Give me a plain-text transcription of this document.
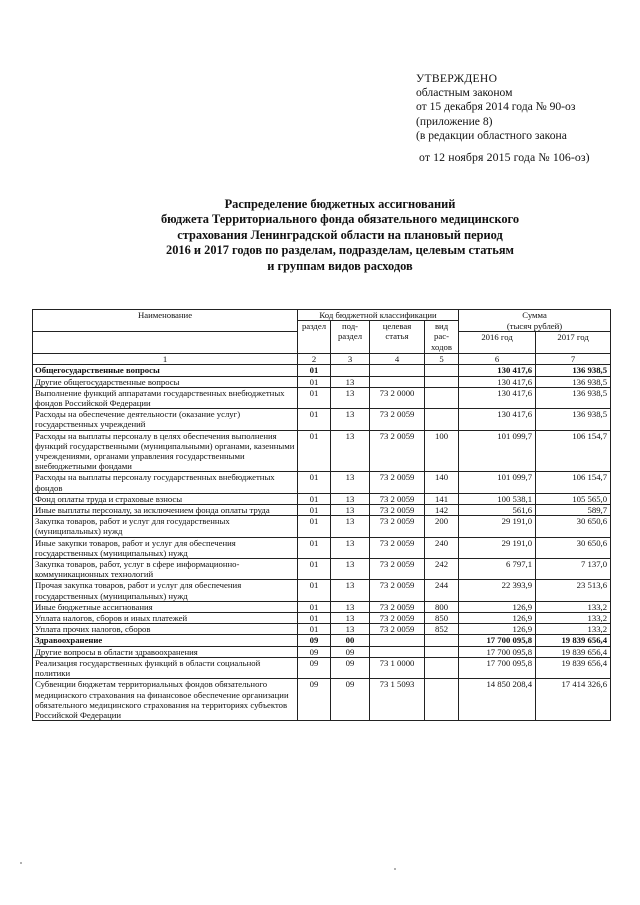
УТВЕРЖДЕНО
областным законом
от 15 декабря 2014 года № 90-оз
(приложение 8)
(в редакции областного закона
от 12 ноября 2015 года № 106-оз)
Распределение бюджетных ассигнований
бюджета Территориального фонда обязательного медицинского
страхования Ленинградской области на плановый период
2016 и 2017 годов по разделам, подразделам, целевым статьям
и группам видов расходов
Наименование	Код бюджетной классификации				Сумма	
	раздел	под-раздел	целевая статья	вид рас-ходов	(тысяч рублей)	
					2016 год	2017 год
1	2	3	4	5	6	7
Общегосударственные вопросы	01				130 417,6	136 938,5
Другие общегосударственные вопросы	01	13			130 417,6	136 938,5
Выполнение функций аппаратами государственных внебюджетных фондов Российской Федерации	01	13	73 2 0000		130 417,6	136 938,5
Расходы на обеспечение деятельности (оказание услуг) государственных учреждений	01	13	73 2 0059		130 417,6	136 938,5
Расходы на выплаты персоналу в целях обеспечения выполнения функций государственными (муниципальными) органами, казенными учреждениями, органами управления государственными внебюджетными фондами	01	13	73 2 0059	100	101 099,7	106 154,7
Расходы на выплаты персоналу государственных внебюджетных фондов	01	13	73 2 0059	140	101 099,7	106 154,7
Фонд оплаты труда и страховые взносы	01	13	73 2 0059	141	100 538,1	105 565,0
Иные выплаты персоналу, за исключением фонда оплаты труда	01	13	73 2 0059	142	561,6	589,7
Закупка товаров, работ и услуг для государственных (муниципальных) нужд	01	13	73 2 0059	200	29 191,0	30 650,6
Иные закупки товаров, работ и услуг для обеспечения государственных (муниципальных) нужд	01	13	73 2 0059	240	29 191,0	30 650,6
Закупка товаров, работ, услуг в сфере информационно-коммуникационных технологий	01	13	73 2 0059	242	6 797,1	7 137,0
Прочая закупка товаров, работ и услуг для обеспечения государственных (муниципальных) нужд	01	13	73 2 0059	244	22 393,9	23 513,6
Иные бюджетные ассигнования	01	13	73 2 0059	800	126,9	133,2
Уплата налогов, сборов и иных платежей	01	13	73 2 0059	850	126,9	133,2
Уплата прочих налогов, сборов	01	13	73 2 0059	852	126,9	133,2
Здравоохранение	09	00			17 700 095,8	19 839 656,4
Другие вопросы в области здравоохранения	09	09			17 700 095,8	19 839 656,4
Реализация государственных функций в области социальной политики	09	09	73 1 0000		17 700 095,8	19 839 656,4
Субвенции бюджетам территориальных фондов обязательного медицинского страхования на финансовое обеспечение организации обязательного медицинского страхования на территориях субъектов Российской Федерации	09	09	73 1 5093		14 850 208,4	17 414 326,6
